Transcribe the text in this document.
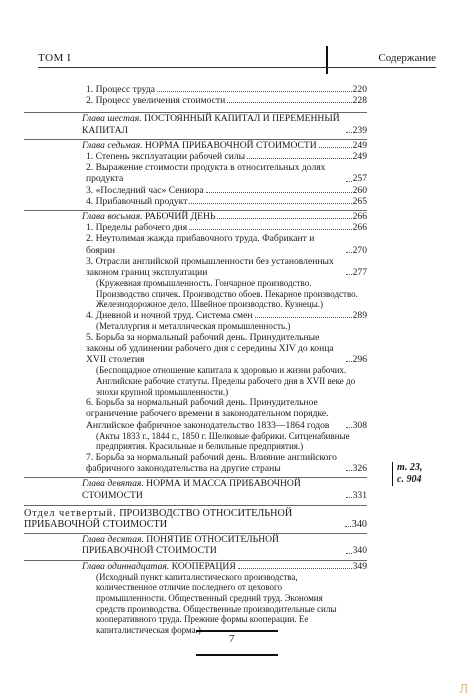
ТОМ I	Содержание
1. Процесс труда	220
2. Процесс увеличения стоимости	228
Глава шестая. ПОСТОЯННЫЙ КАПИТАЛ И ПЕРЕМЕННЫЙ КАПИТАЛ	239
Глава седьмая. НОРМА ПРИБАВОЧНОЙ СТОИМОСТИ	249
1. Степень эксплуатации рабочей силы	249
2. Выражение стоимости продукта в относительных долях продукта	257
3. «Последний час» Сениора	260
4. Прибавочный продукт	265
Глава восьмая. РАБОЧИЙ ДЕНЬ	266
1. Пределы рабочего дня	266
2. Неутолимая жажда прибавочного труда. Фабрикант и боярин	270
3. Отрасли английской промышленности без установленных законом границ эксплуатации	277
(Кружевная промышленность. Гончарное производство. Производство спичек. Производство обоев. Пекарное производство. Железнодорожное дело. Швейное производство. Кузнецы.)
4. Дневной и ночной труд. Система смен	289
(Металлургия и металлическая промышленность.)
5. Борьба за нормальный рабочий день. Принудительные законы об удлинении рабочего дня с середины XIV до конца XVII столетия	296
(Беспощадное отношение капитала к здоровью и жизни рабочих. Английские рабочие статуты. Пределы рабочего дня в XVII веке до эпохи крупной промышленности.)
6. Борьба за нормальный рабочий день. Принудительное ограничение рабочего времени в законодательном порядке. Английское фабричное законодательство 1833—1864 годов	308
(Акты 1833 г., 1844 г., 1850 г. Шелковые фабрики. Ситценабивные предприятия. Красильные и белильные предприятия.)
7. Борьба за нормальный рабочий день. Влияние английского фабричного законодательства на другие страны	326
Глава девятая. НОРМА И МАССА ПРИБАВОЧНОЙ СТОИМОСТИ	331
Отдел четвертый. ПРОИЗВОДСТВО ОТНОСИТЕЛЬНОЙ ПРИБАВОЧНОЙ СТОИМОСТИ	340
Глава десятая. ПОНЯТИЕ ОТНОСИТЕЛЬНОЙ ПРИБАВОЧНОЙ СТОИМОСТИ	340
Глава одиннадцатая. КООПЕРАЦИЯ	349
(Исходный пункт капиталистического производства, количественное отличие последнего от цехового промышленности. Общественный средний труд. Экономия средств производства. Общественные производительные силы кооперативного труда. Прежние формы кооперации. Ее капиталистическая форма.)
т. 23,
с. 904
7
Л
